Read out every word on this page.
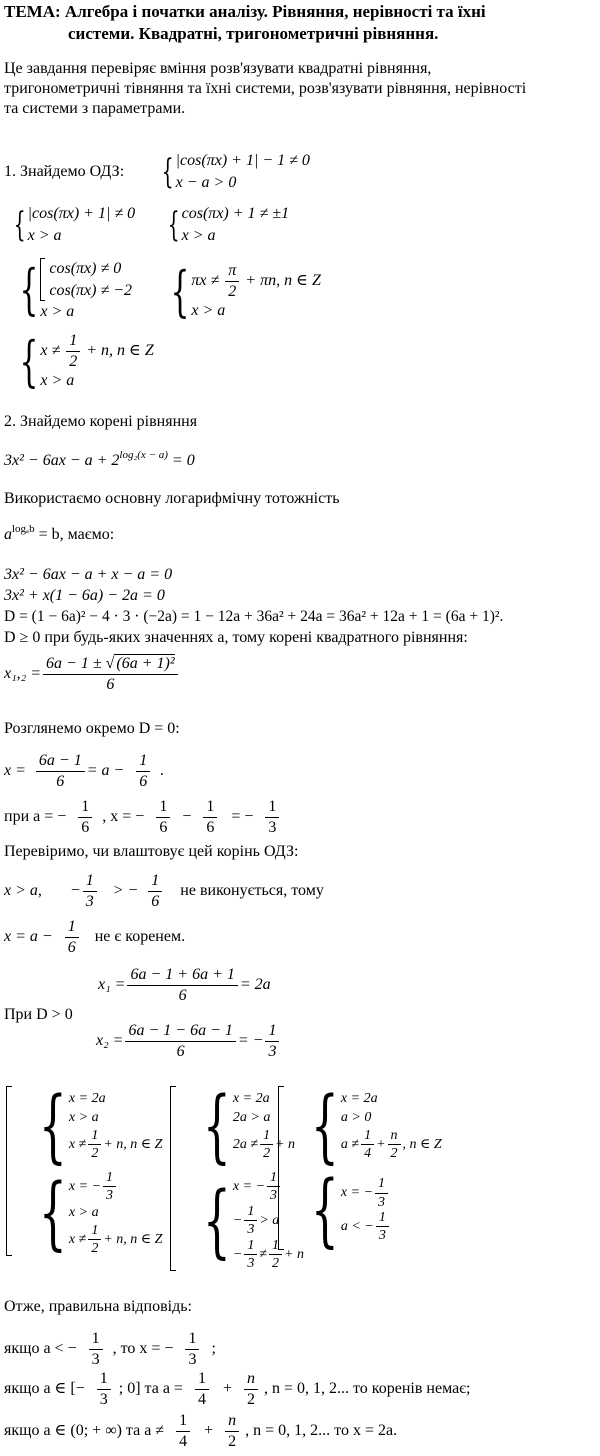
ТЕМА: Алгебра і початки аналізу. Рівняння, нерівності та їхні
системи. Квадратні, тригонометричні рівняння.
Це завдання перевіряє вміння розв'язувати квадратні рівняння,
тригонометричні тівняння та їхні системи, розв'язувати рівняння, нерівності
та системи з параметрами.
1. Знайдемо ОДЗ: { |cos(πx) + 1| − 1 ≠ 0
x − a > 0
{ |cos(πx) + 1| ≠ 0
x > a	{ cos(πx) + 1 ≠ ±1
x > a
{ cos(πx) ≠ 0
cos(πx) ≠ −2
x > a	{ $\pi x \ne \frac{\pi}{2} + \pi n$, n ∈ Z
x > a
{ $x \ne \frac{1}{2} + n$, n ∈ Z
x > a
2. Знайдемо корені рівняння
$3x^2 - 6ax - a + 2^{log_2(x - a)} = 0$
Використаємо основну логарифмічну тотожність
$a^{log_ab} = b$, маємо:
3x² − 6ax − a + x − a = 0
3x² + x(1 − 6a) − 2a = 0
D = (1 − 6a)² − 4 · 3 · (−2a) = 1 − 12a + 36a² + 24a = 36a² + 12a + 1 = (6a + 1)².
D ≥ 0 при будь-яких значеннях a, тому корені квадратного рівняння:
$x_1,_2 = \frac{\text{6a − 1 ± √ (6a + 1)²}}{6}$
Розглянемо окремо D = 0:
$x = \frac{6a - 1}{6} = a - \frac{1}{6}$ .
при a = − $\frac{1}{6}$ , x = − $\frac{1}{6} - \frac{1}{6}$ = − $\frac{1}{3}$
Перевіримо, чи влаштовує цей корінь ОДЗ:
x > a, − $\frac{1}{3}$ > − $\frac{1}{6}$ не виконується, тому
$x = a - \frac{1}{6}$ не є коренем.
$x_1 = \frac{6a - 1 + 6a + 1}{6} = 2a$
При D > 0
$x_2 = \frac{6a - 1 - 6a - 1}{6}$ = − $\frac{1}{3}$
{ x = 2a
x > a
$x \ne \frac{1}{2} + n$, n ∈ Z
{ x = − $\frac{1}{3}$
x > a
$x \ne \frac{1}{2} + n$, n ∈ Z
{ x = 2a
2a > a
$2a \ne \frac{1}{2} + n$
{ x = − $\frac{1}{3}$
− $\frac{1}{3} > a$
− $\frac{1}{3} \ne \frac{1}{2} + n$
{ x = 2a
a > 0
$a \ne \frac{1}{4} + \frac{n}{2}$ , n ∈ Z
{ x = − $\frac{1}{3}$
a < − $\frac{1}{3}$
Отже, правильна відповідь:
якщо a < − $\frac{1}{3}$ , то x = − $\frac{1}{3}$ ;
якщо a ∈ [− $\frac{1}{3}$ ; 0] та $a = \frac{1}{4} + \frac{n}{2}$ , n = 0, 1, 2... то коренів немає;
якщо a ∈ (0; + ∞) та $a \ne \frac{1}{4} + \frac{n}{2}$ , n = 0, 1, 2... то x = 2a.
